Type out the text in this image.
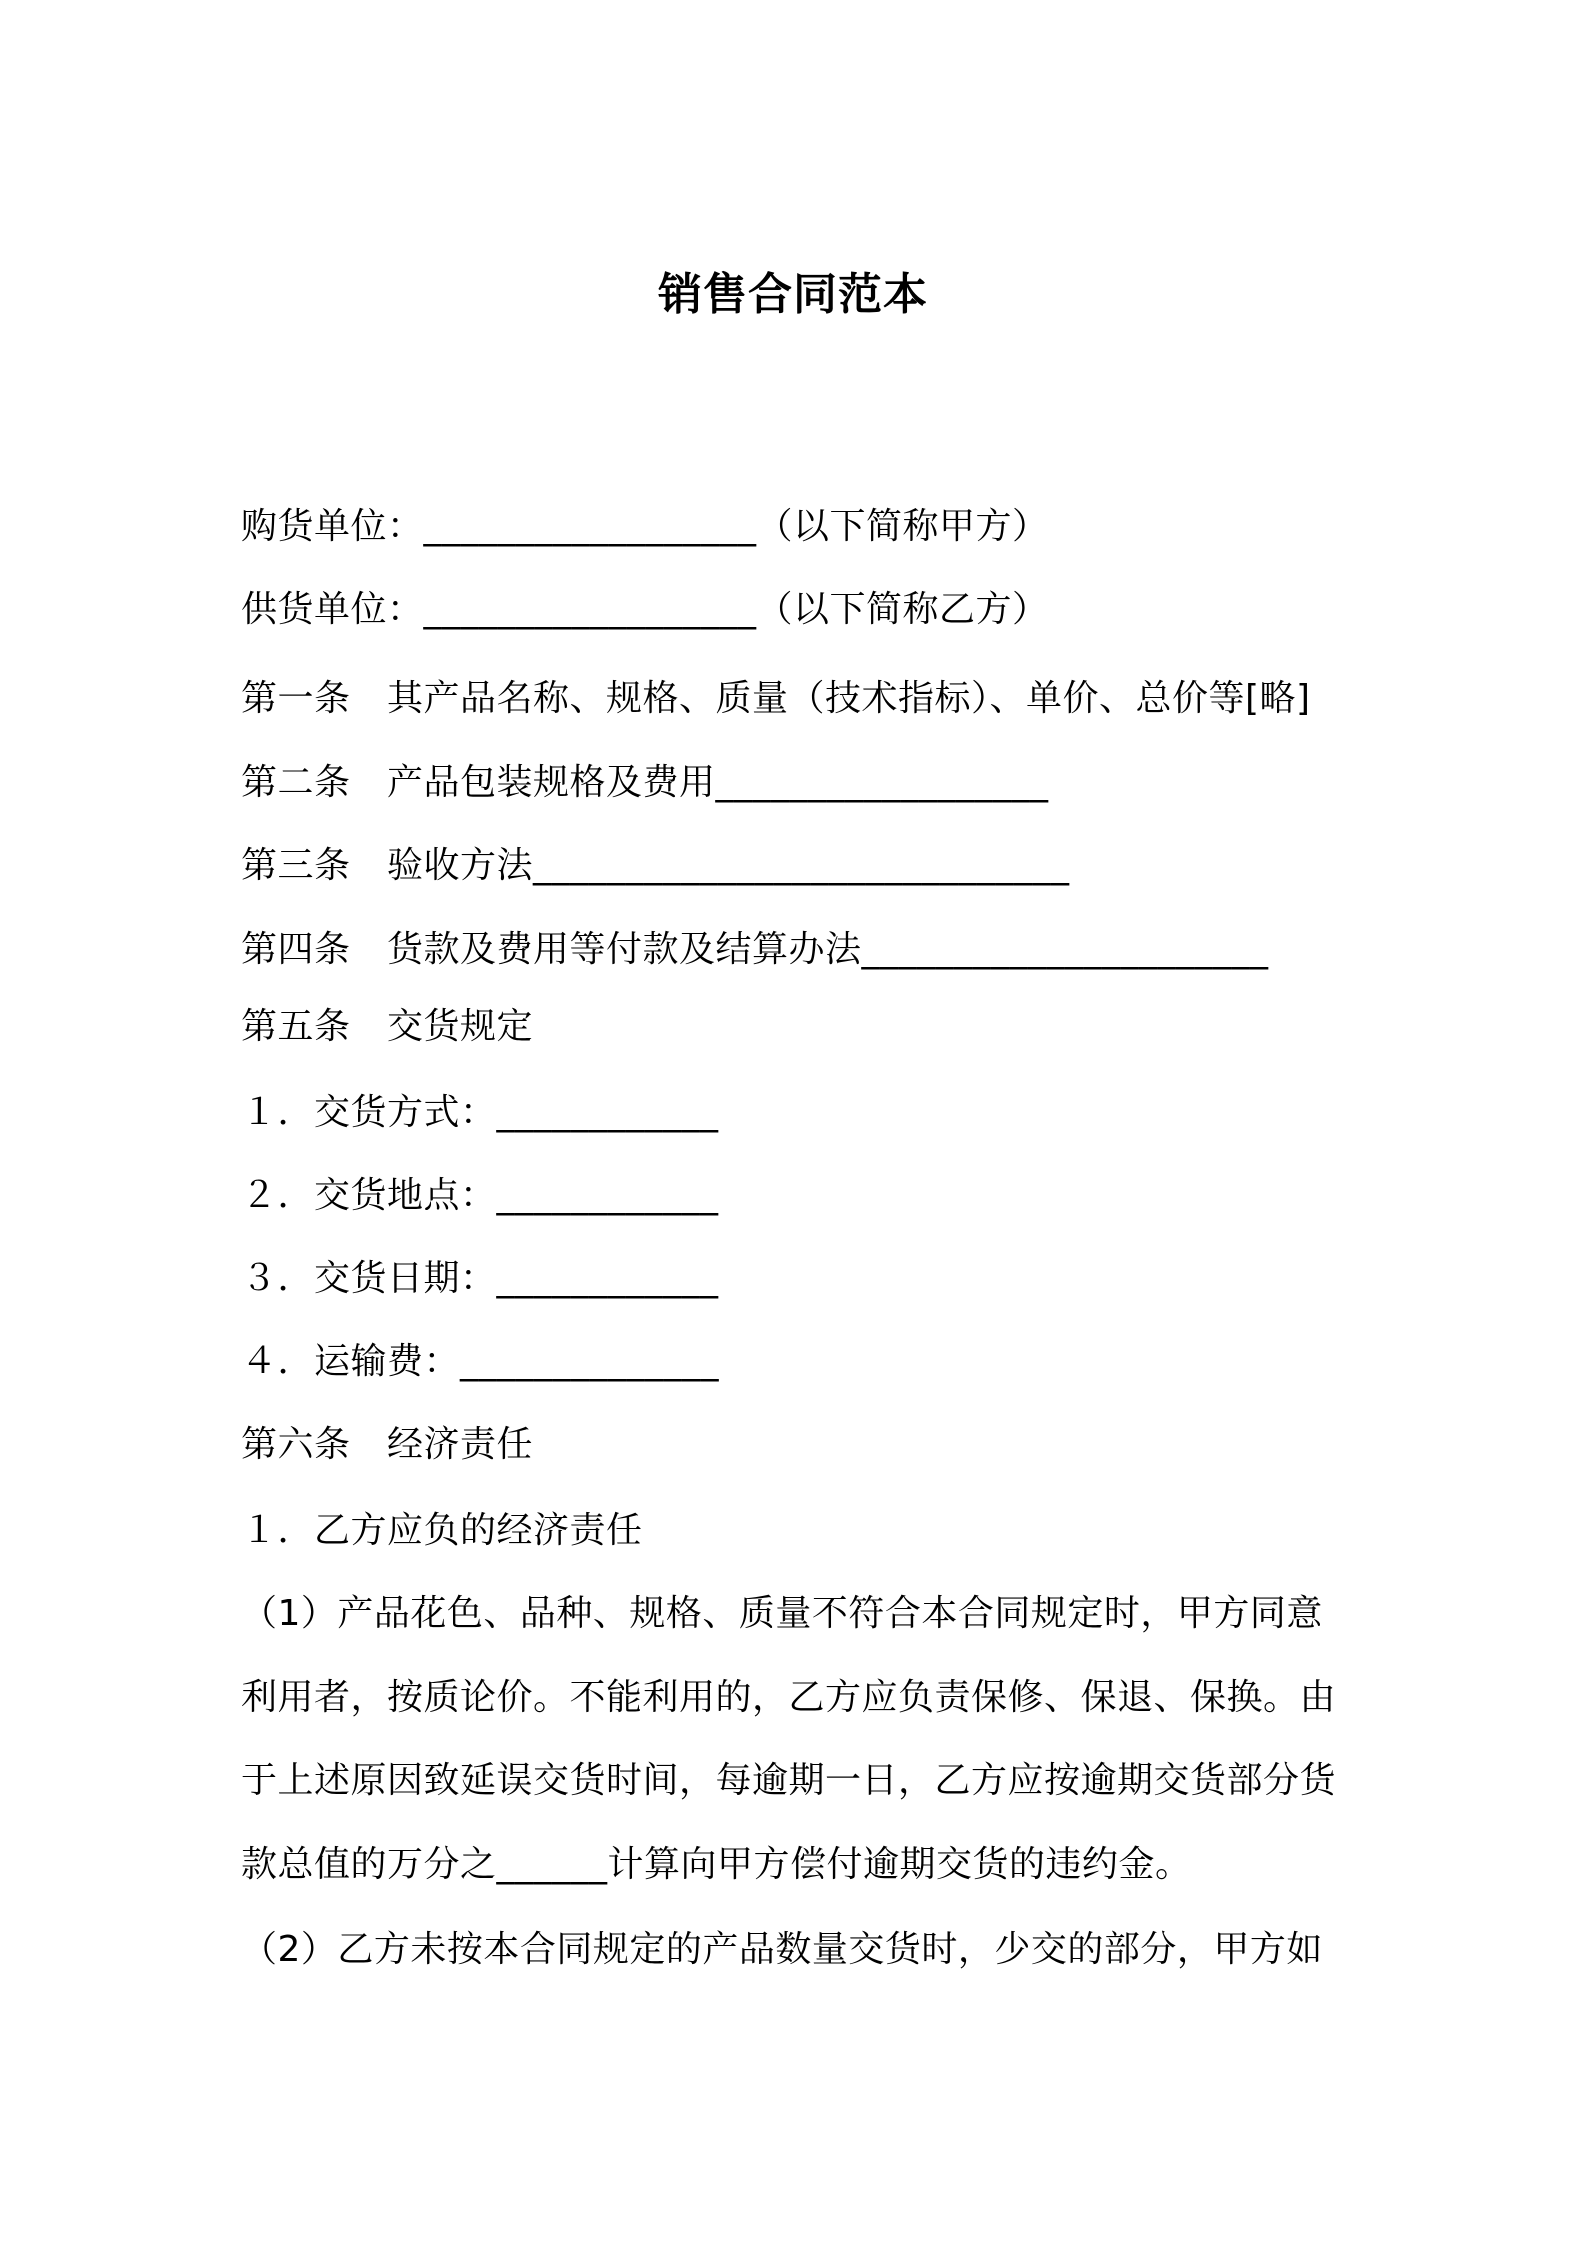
销售合同范本
购货单位：__________________（以下简称甲方）
供货单位：__________________（以下简称乙方）
第一条　其产品名称、规格、质量（技术指标）、单价、总价等[略]
第二条　产品包装规格及费用__________________
第三条　验收方法_____________________________
第四条　货款及费用等付款及结算办法______________________
第五条　交货规定
１．交货方式：____________
２．交货地点：____________
３．交货日期：____________
４．运输费：______________
第六条　经济责任
１．乙方应负的经济责任
（1）产品花色、品种、规格、质量不符合本合同规定时，甲方同意
利用者，按质论价。不能利用的，乙方应负责保修、保退、保换。由
于上述原因致延误交货时间，每逾期一日，乙方应按逾期交货部分货
款总值的万分之______计算向甲方偿付逾期交货的违约金。
（2）乙方未按本合同规定的产品数量交货时，少交的部分，甲方如
